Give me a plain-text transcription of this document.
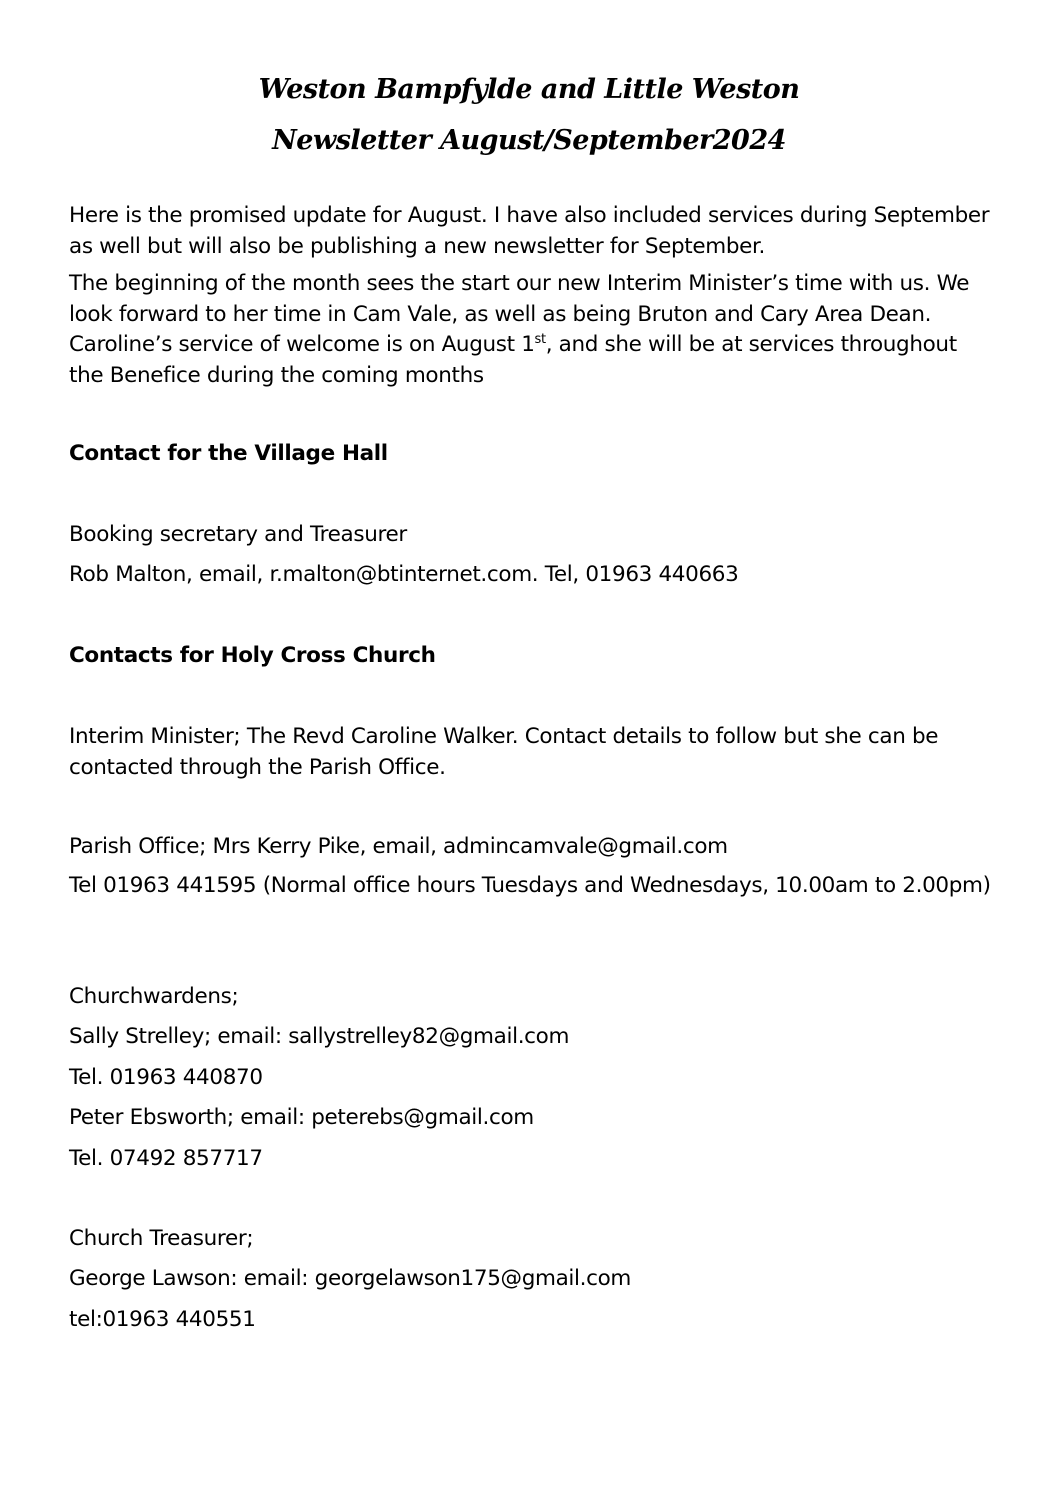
Weston Bampfylde and Little Weston
Newsletter August/September2024

Here is the promised update for August. I have also included services during September as well but will also be publishing a new newsletter for September.

The beginning of the month sees the start our new Interim Minister’s time with us. We look forward to her time in Cam Vale, as well as being Bruton and Cary Area Dean. Caroline’s service of welcome is on August 1st, and she will be at services throughout the Benefice during the coming months

Contact for the Village Hall

Booking secretary and Treasurer

Rob Malton, email, r.malton@btinternet.com. Tel, 01963 440663

Contacts for Holy Cross Church

Interim Minister; The Revd Caroline Walker. Contact details to follow but she can be contacted through the Parish Office.

Parish Office; Mrs Kerry Pike, email, admincamvale@gmail.com

Tel 01963 441595 (Normal office hours Tuesdays and Wednesdays, 10.00am to 2.00pm)

Churchwardens;

Sally Strelley; email: sallystrelley82@gmail.com

Tel. 01963 440870

Peter Ebsworth; email: peterebs@gmail.com

Tel. 07492 857717

Church Treasurer;

George Lawson: email: georgelawson175@gmail.com

tel:01963 440551
